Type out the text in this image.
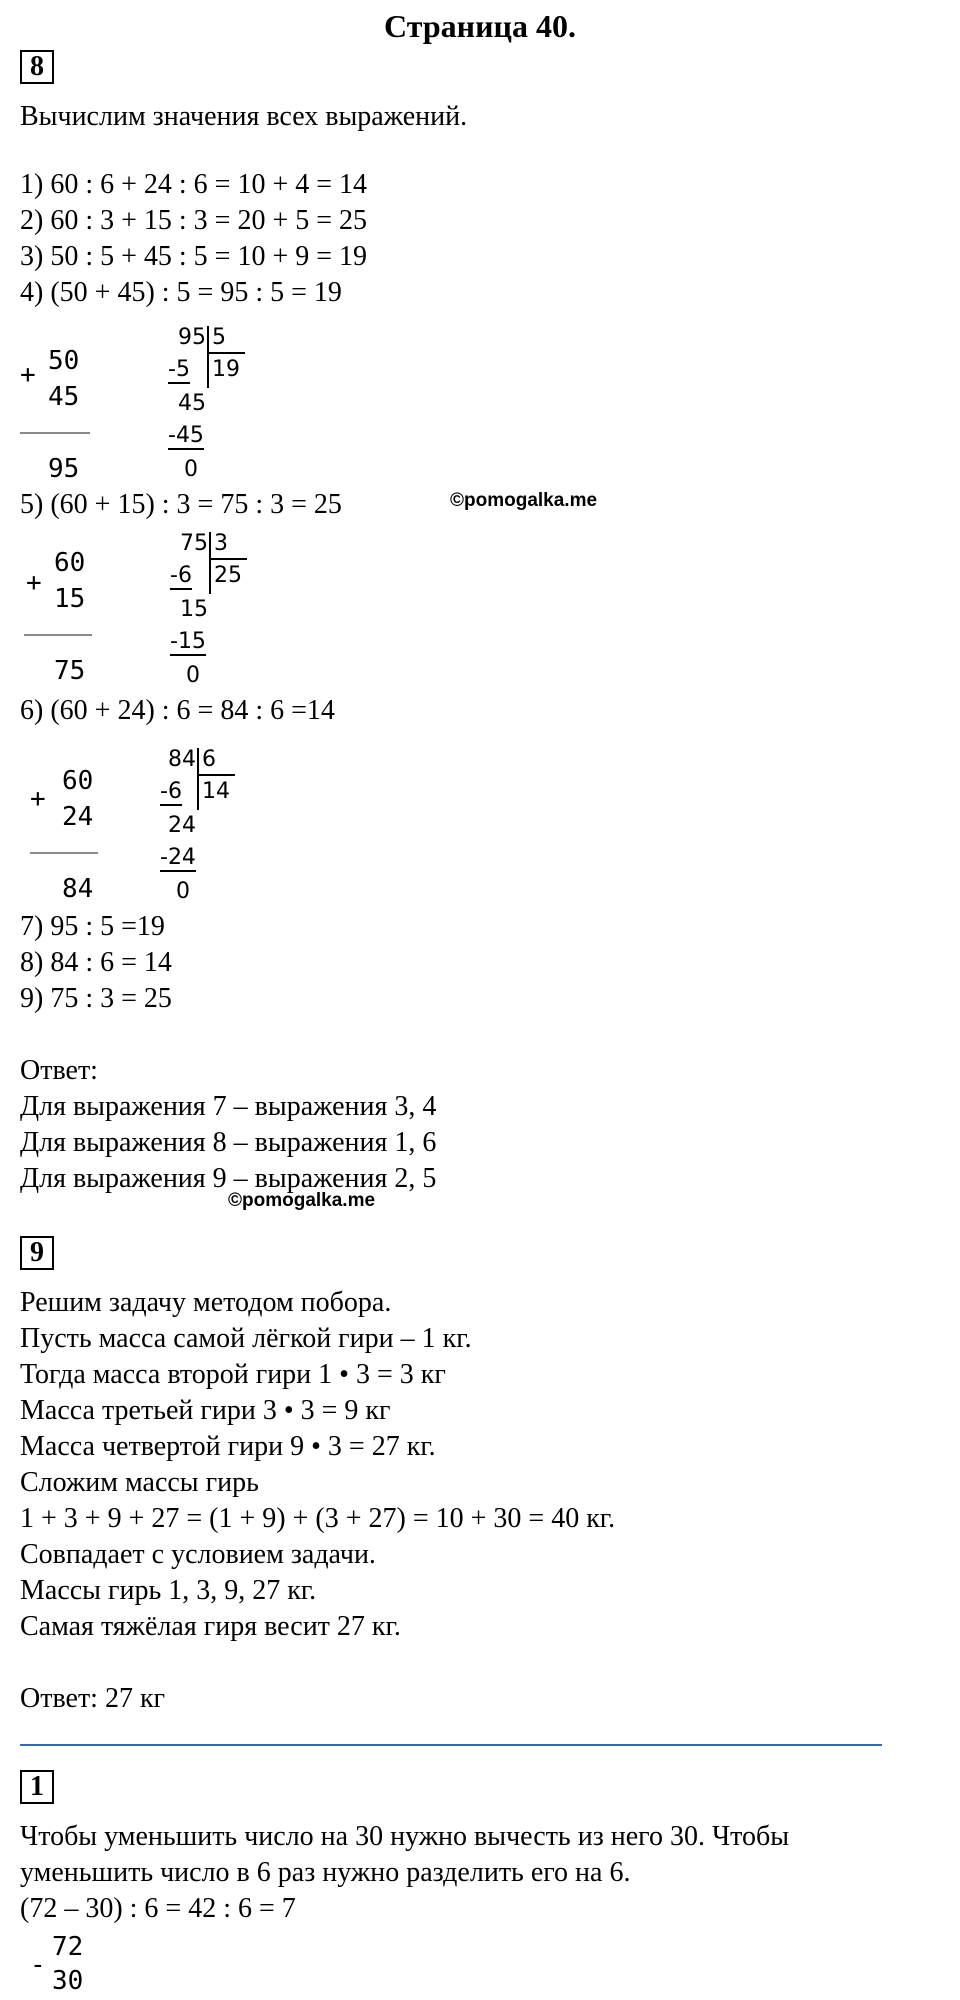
Страница 40.
8
Вычислим значения всех выражений.
1) 60 : 6 + 24 : 6 = 10 + 4 = 14
2) 60 : 3 + 15 : 3 = 20 + 5 = 25
3) 50 : 5 + 45 : 5 = 10 + 9 = 19
4) (50 + 45) : 5 = 95 : 5 = 19
+ 50
45
95
95 5
-5 19
45
-45
0
5) (60 + 15) : 3 = 75 : 3 = 25	©pomogalka.me
+
60
15
75
75 3
-6 25
15
-15
0
6) (60 + 24) : 6 = 84 : 6 =14
+
60
24
84
84 6
-6 14
24
-24
0
7) 95 : 5 =19
8) 84 : 6 = 14
9) 75 : 3 = 25
Ответ:
Для выражения 7 – выражения 3, 4
Для выражения 8 – выражения 1, 6
Для выражения 9 – выражения 2, 5
©pomogalka.me
9
Решим задачу методом побора.
Пусть масса самой лёгкой гири – 1 кг.
Тогда масса второй гири 1 • 3 = 3 кг
Масса третьей гири 3 • 3 = 9 кг
Масса четвертой гири 9 • 3 = 27 кг.
Сложим массы гирь
1 + 3 + 9 + 27 = (1 + 9) + (3 + 27) = 10 + 30 = 40 кг.
Совпадает с условием задачи.
Массы гирь 1, 3, 9, 27 кг.
Самая тяжёлая гиря весит 27 кг.
Ответ: 27 кг
1
Чтобы уменьшить число на 30 нужно вычесть из него 30. Чтобы
уменьшить число в 6 раз нужно разделить его на 6.
(72 – 30) : 6 = 42 : 6 = 7
-
72
30
